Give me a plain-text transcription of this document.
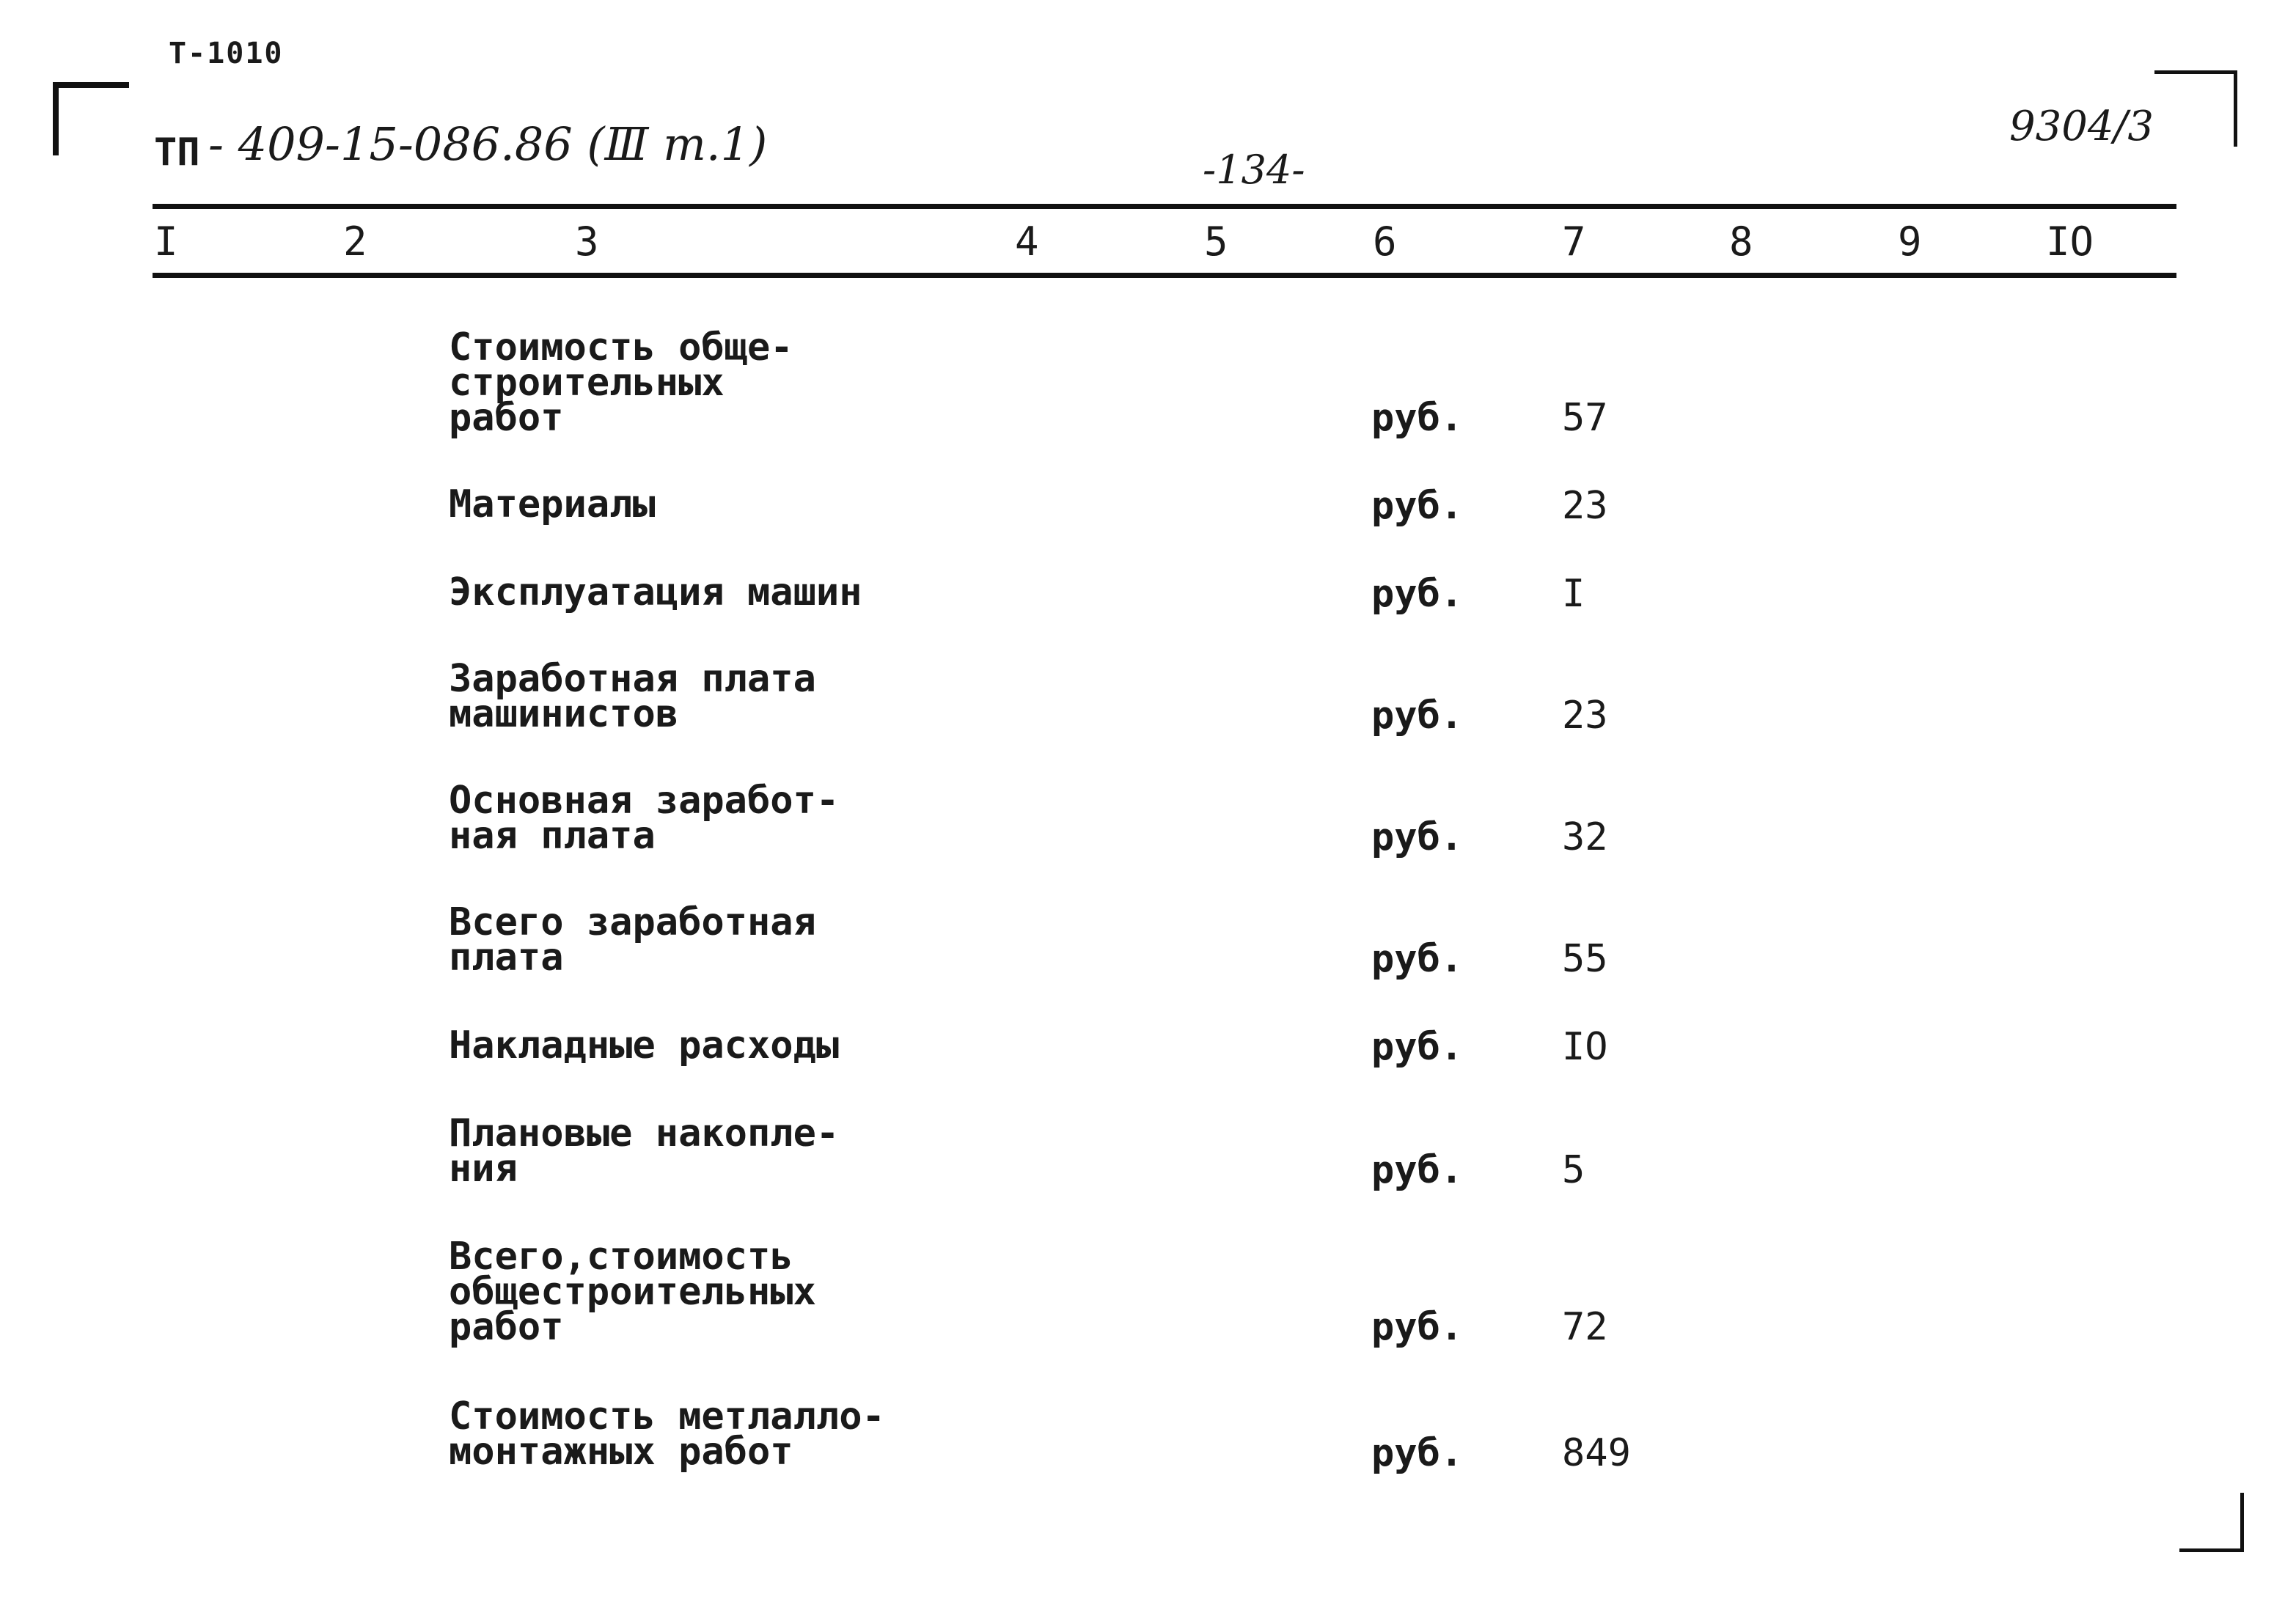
Т-1010
ТП - 409-15-086.86 (Ⅲ т.1)	-134-
9304/3
I	2	3	4	5	6	7	8	9	IO
Стоимость обще-
строительных
работ	руб.	57
Материалы	руб.	23
Эксплуатация машин	руб.	I
Заработная плата
машинистов	руб.	23
Основная заработ-
ная плата	руб.	32
Всего заработная
плата	руб.	55
Накладные расходы	руб.	IO
Плановые накопле-
ния	руб.	5
Всего,стоимость
общестроительных
работ	руб.	72
Стоимость метлалло-
монтажных работ	руб.	849
